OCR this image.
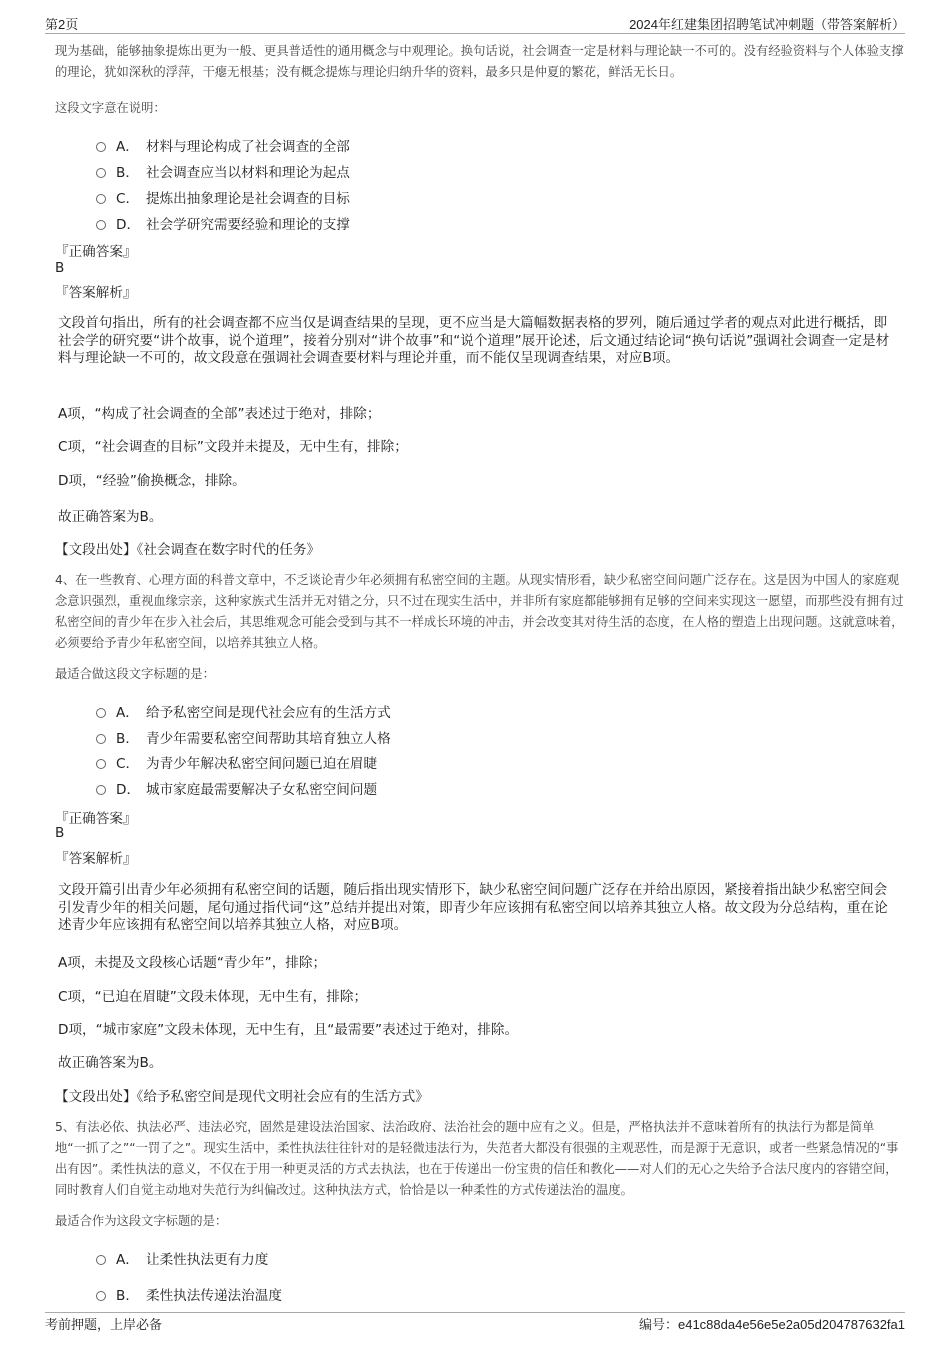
第2页	2024年红建集团招聘笔试冲刺题（带答案解析）
现为基础，能够抽象提炼出更为一般、更具普适性的通用概念与中观理论。换句话说，社会调查一定是材料与理论缺一不可的。没有经验资料与个人体验支撑的理论，犹如深秋的浮萍，干瘪无根基；没有概念提炼与理论归纳升华的资料，最多只是仲夏的繁花，鲜活无长日。
这段文字意在说明：
A． 材料与理论构成了社会调查的全部
B． 社会调查应当以材料和理论为起点
C． 提炼出抽象理论是社会调查的目标
D． 社会学研究需要经验和理论的支撑
『正确答案』
B
『答案解析』
文段首句指出，所有的社会调查都不应当仅是调查结果的呈现，更不应当是大篇幅数据表格的罗列，随后通过学者的观点对此进行概括，即社会学的研究要“讲个故事，说个道理”，接着分别对“讲个故事”和“说个道理”展开论述，后文通过结论词“换句话说”强调社会调查一定是材料与理论缺一不可的，故文段意在强调社会调查要材料与理论并重，而不能仅呈现调查结果，对应B项。
A项，“构成了社会调查的全部”表述过于绝对，排除；
C项，“社会调查的目标”文段并未提及，无中生有，排除；
D项，“经验”偷换概念，排除。
故正确答案为B。
【文段出处】《社会调查在数字时代的任务》
4、在一些教育、心理方面的科普文章中，不乏谈论青少年必须拥有私密空间的主题。从现实情形看，缺少私密空间问题广泛存在。这是因为中国人的家庭观念意识强烈，重视血缘宗亲，这种家族式生活并无对错之分，只不过在现实生活中，并非所有家庭都能够拥有足够的空间来实现这一愿望，而那些没有拥有过私密空间的青少年在步入社会后，其思维观念可能会受到与其不一样成长环境的冲击，并会改变其对待生活的态度，在人格的塑造上出现问题。这就意味着，必须要给予青少年私密空间，以培养其独立人格。
最适合做这段文字标题的是：
A． 给予私密空间是现代社会应有的生活方式
B． 青少年需要私密空间帮助其培育独立人格
C． 为青少年解决私密空间问题已迫在眉睫
D． 城市家庭最需要解决子女私密空间问题
『正确答案』
B
『答案解析』
文段开篇引出青少年必须拥有私密空间的话题，随后指出现实情形下，缺少私密空间问题广泛存在并给出原因，紧接着指出缺少私密空间会引发青少年的相关问题，尾句通过指代词“这”总结并提出对策，即青少年应该拥有私密空间以培养其独立人格。故文段为分总结构，重在论述青少年应该拥有私密空间以培养其独立人格，对应B项。
A项，未提及文段核心话题“青少年”，排除；
C项，“已迫在眉睫”文段未体现，无中生有，排除；
D项，“城市家庭”文段未体现，无中生有，且“最需要”表述过于绝对，排除。
故正确答案为B。
【文段出处】《给予私密空间是现代文明社会应有的生活方式》
5、有法必依、执法必严、违法必究，固然是建设法治国家、法治政府、法治社会的题中应有之义。但是，严格执法并不意味着所有的执法行为都是简单地“一抓了之”“一罚了之”。现实生活中，柔性执法往往针对的是轻微违法行为，失范者大都没有很强的主观恶性，而是源于无意识，或者一些紧急情况的“事出有因”。柔性执法的意义，不仅在于用一种更灵活的方式去执法，也在于传递出一份宝贵的信任和教化——对人们的无心之失给予合法尺度内的容错空间，同时教育人们自觉主动地对失范行为纠偏改过。这种执法方式，恰恰是以一种柔性的方式传递法治的温度。
最适合作为这段文字标题的是：
A． 让柔性执法更有力度
B． 柔性执法传递法治温度
考前押题，上岸必备	编号：e41c88da4e56e5e2a05d204787632fa1
